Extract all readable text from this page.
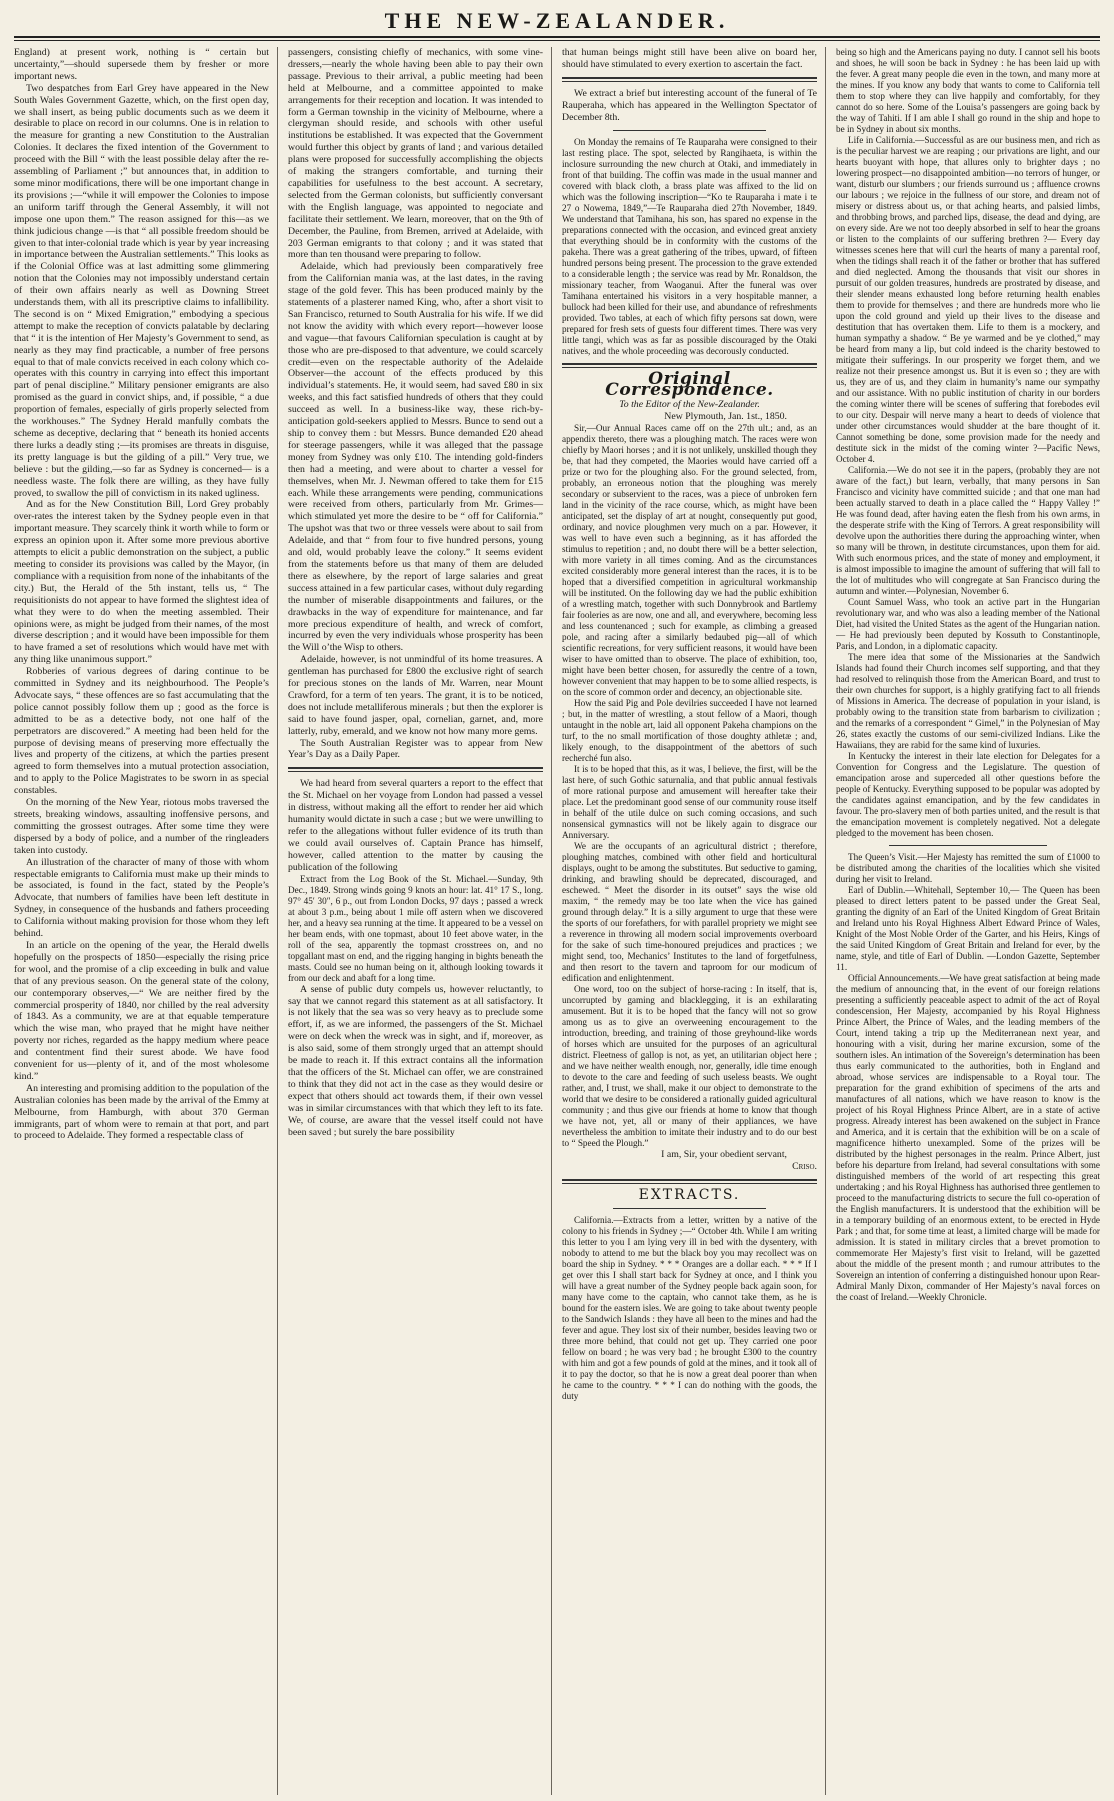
THE NEW-ZEALANDER.

England) at present work, nothing is “ certain but uncertainty,”—should supersede them by fresher or more important news.

Two despatches from Earl Grey have appeared in the New South Wales Government Gazette, which, on the first open day, we shall insert, as being public documents such as we deem it desirable to place on record in our columns. One is in relation to the measure for granting a new Constitution to the Australian Colonies. It declares the fixed intention of the Government to proceed with the Bill “ with the least possible delay after the re-assembling of Parliament ;” but announces that, in addition to some minor modifications, there will be one important change in its provisions ;—“while it will empower the Colonies to impose an uniform tariff through the General Assembly, it will not impose one upon them.” The reason assigned for this—as we think judicious change —is that “ all possible freedom should be given to that inter-colonial trade which is year by year increasing in importance between the Australian settlements.” This looks as if the Colonial Office was at last admitting some glimmering notion that the Colonies may not impossibly understand certain of their own affairs nearly as well as Downing Street understands them, with all its prescriptive claims to infallibility. The second is on “ Mixed Emigration,” embodying a specious attempt to make the reception of convicts palatable by declaring that “ it is the intention of Her Majesty’s Government to send, as nearly as they may find practicable, a number of free persons equal to that of male convicts received in each colony which co-operates with this country in carrying into effect this important part of penal discipline.” Military pensioner emigrants are also promised as the guard in convict ships, and, if possible, “ a due proportion of females, especially of girls properly selected from the workhouses.” The Sydney Herald manfully combats the scheme as deceptive, declaring that “ beneath its honied accents there lurks a deadly sting ;—its promises are threats in disguise, its pretty language is but the gilding of a pill.” Very true, we believe : but the gilding,—so far as Sydney is concerned— is a needless waste. The folk there are willing, as they have fully proved, to swallow the pill of convictism in its naked ugliness.

And as for the New Constitution Bill, Lord Grey probably over-rates the interest taken by the Sydney people even in that important measure. They scarcely think it worth while to form or express an opinion upon it. After some more previous abortive attempts to elicit a public demonstration on the subject, a public meeting to consider its provisions was called by the Mayor, (in compliance with a requisition from none of the inhabitants of the city.) But, the Herald of the 5th instant, tells us, “ The requisitionists do not appear to have formed the slightest idea of what they were to do when the meeting assembled. Their opinions were, as might be judged from their names, of the most diverse description ; and it would have been impossible for them to have framed a set of resolutions which would have met with any thing like unanimous support.”

Robberies of various degrees of daring continue to be committed in Sydney and its neighbourhood. The People’s Advocate says, “ these offences are so fast accumulating that the police cannot possibly follow them up ; good as the force is admitted to be as a detective body, not one half of the perpetrators are discovered.” A meeting had been held for the purpose of devising means of preserving more effectually the lives and property of the citizens, at which the parties present agreed to form themselves into a mutual protection association, and to apply to the Police Magistrates to be sworn in as special constables.

On the morning of the New Year, riotous mobs traversed the streets, breaking windows, assaulting inoffensive persons, and committing the grossest outrages. After some time they were dispersed by a body of police, and a number of the ringleaders taken into custody.

An illustration of the character of many of those with whom respectable emigrants to California must make up their minds to be associated, is found in the fact, stated by the People’s Advocate, that numbers of families have been left destitute in Sydney, in consequence of the husbands and fathers proceeding to California without making provision for those whom they left behind.

In an article on the opening of the year, the Herald dwells hopefully on the prospects of 1850—especially the rising price for wool, and the promise of a clip exceeding in bulk and value that of any previous season. On the general state of the colony, our contemporary observes,—“ We are neither fired by the commercial prosperity of 1840, nor chilled by the real adversity of 1843. As a community, we are at that equable temperature which the wise man, who prayed that he might have neither poverty nor riches, regarded as the happy medium where peace and contentment find their surest abode. We have food convenient for us—plenty of it, and of the most wholesome kind.”

An interesting and promising addition to the population of the Australian colonies has been made by the arrival of the Emmy at Melbourne, from Hamburgh, with about 370 German immigrants, part of whom were to remain at that port, and part to proceed to Adelaide. They formed a respectable class of

passengers, consisting chiefly of mechanics, with some vine-dressers,—nearly the whole having been able to pay their own passage. Previous to their arrival, a public meeting had been held at Melbourne, and a committee appointed to make arrangements for their reception and location. It was intended to form a German township in the vicinity of Melbourne, where a clergyman should reside, and schools with other useful institutions be established. It was expected that the Government would further this object by grants of land ; and various detailed plans were proposed for successfully accomplishing the objects of making the strangers comfortable, and turning their capabilities for usefulness to the best account. A secretary, selected from the German colonists, but sufficiently conversant with the English language, was appointed to negociate and facilitate their settlement. We learn, moreover, that on the 9th of December, the Pauline, from Bremen, arrived at Adelaide, with 203 German emigrants to that colony ; and it was stated that more than ten thousand were preparing to follow.

Adelaide, which had previously been comparatively free from the Californian mania was, at the last dates, in the raving stage of the gold fever. This has been produced mainly by the statements of a plasterer named King, who, after a short visit to San Francisco, returned to South Australia for his wife. If we did not know the avidity with which every report—however loose and vague—that favours Californian speculation is caught at by those who are pre-disposed to that adventure, we could scarcely credit—even on the respectable authority of the Adelaide Observer—the account of the effects produced by this individual’s statements. He, it would seem, had saved £80 in six weeks, and this fact satisfied hundreds of others that they could succeed as well. In a business-like way, these rich-by-anticipation gold-seekers applied to Messrs. Bunce to send out a ship to convey them : but Messrs. Bunce demanded £20 ahead for steerage passengers, while it was alleged that the passage money from Sydney was only £10. The intending gold-finders then had a meeting, and were about to charter a vessel for themselves, when Mr. J. Newman offered to take them for £15 each. While these arrangements were pending, communications were received from others, particularly from Mr. Grimes—which stimulated yet more the desire to be “ off for California.” The upshot was that two or three vessels were about to sail from Adelaide, and that “ from four to five hundred persons, young and old, would probably leave the colony.” It seems evident from the statements before us that many of them are deluded there as elsewhere, by the report of large salaries and great success attained in a few particular cases, without duly regarding the number of miserable disappointments and failures, or the drawbacks in the way of expenditure for maintenance, and far more precious expenditure of health, and wreck of comfort, incurred by even the very individuals whose prosperity has been the Will o’the Wisp to others.

Adelaide, however, is not unmindful of its home treasures. A gentleman has purchased for £800 the exclusive right of search for precious stones on the lands of Mr. Warren, near Mount Crawford, for a term of ten years. The grant, it is to be noticed, does not include metalliferous minerals ; but then the explorer is said to have found jasper, opal, cornelian, garnet, and, more latterly, ruby, emerald, and we know not how many more gems.

The South Australian Register was to appear from New Year’s Day as a Daily Paper.

We had heard from several quarters a report to the effect that the St. Michael on her voyage from London had passed a vessel in distress, without making all the effort to render her aid which humanity would dictate in such a case ; but we were unwilling to refer to the allegations without fuller evidence of its truth than we could avail ourselves of. Captain Prance has himself, however, called attention to the matter by causing the publication of the following

Extract from the Log Book of the St. Michael.—Sunday, 9th Dec., 1849. Strong winds going 9 knots an hour: lat. 41° 17 S., long. 97° 45′ 30″, 6 p., out from London Docks, 97 days ; passed a wreck at about 3 p.m., being about 1 mile off astern when we discovered her, and a heavy sea running at the time. It appeared to be a vessel on her beam ends, with one topmast, about 10 feet above water, in the roll of the sea, apparently the topmast crosstrees on, and no topgallant mast on end, and the rigging hanging in bights beneath the masts. Could see no human being on it, although looking towards it from our deck and abaft for a long time.

A sense of public duty compels us, however reluctantly, to say that we cannot regard this statement as at all satisfactory. It is not likely that the sea was so very heavy as to preclude some effort, if, as we are informed, the passengers of the St. Michael were on deck when the wreck was in sight, and if, moreover, as is also said, some of them strongly urged that an attempt should be made to reach it. If this extract contains all the information that the officers of the St. Michael can offer, we are constrained to think that they did not act in the case as they would desire or expect that others should act towards them, if their own vessel was in similar circumstances with that which they left to its fate. We, of course, are aware that the vessel itself could not have been saved ; but surely the bare possibility

that human beings might still have been alive on board her, should have stimulated to every exertion to ascertain the fact.

We extract a brief but interesting account of the funeral of Te Rauperaha, which has appeared in the Wellington Spectator of December 8th.

On Monday the remains of Te Rauparaha were consigned to their last resting place. The spot, selected by Rangihaeta, is within the inclosure surrounding the new church at Otaki, and immediately in front of that building. The coffin was made in the usual manner and covered with black cloth, a brass plate was affixed to the lid on which was the following inscription—“Ko te Rauparaha i mate i te 27 o Nowema, 1849,”—Te Rauparaha died 27th November, 1849. We understand that Tamihana, his son, has spared no expense in the preparations connected with the occasion, and evinced great anxiety that everything should be in conformity with the customs of the pakeha. There was a great gathering of the tribes, upward, of fifteen hundred persons being present. The procession to the grave extended to a considerable length ; the service was read by Mr. Ronaldson, the missionary teacher, from Waoganui. After the funeral was over Tamihana entertained his visitors in a very hospitable manner, a bullock had been killed for their use, and abundance of refreshments provided. Two tables, at each of which fifty persons sat down, were prepared for fresh sets of guests four different times. There was very little tangi, which was as far as possible discouraged by the Otaki natives, and the whole proceeding was decorously conducted.

Original Correspondence.

To the Editor of the New-Zealander.

New Plymouth, Jan. 1st., 1850.

Sir,—Our Annual Races came off on the 27th ult.; and, as an appendix thereto, there was a ploughing match. The races were won chiefly by Maori horses ; and it is not unlikely, unskilled though they be, that had they competed, the Maories would have carried off a prize or two for the ploughing also. For the ground selected, from, probably, an erroneous notion that the ploughing was merely secondary or subservient to the races, was a piece of unbroken fern land in the vicinity of the race course, which, as might have been anticipated, set the display of art at nought, consequently put good, ordinary, and novice ploughmen very much on a par. However, it was well to have even such a beginning, as it has afforded the stimulus to repetition ; and, no doubt there will be a better selection, with more variety in all times coming. And as the circumstances excited considerably more general interest than the races, it is to be hoped that a diversified competition in agricultural workmanship will be instituted. On the following day we had the public exhibition of a wrestling match, together with such Donnybrook and Bartlemy fair fooleries as are now, one and all, and everywhere, becoming less and less countenanced ; such for example, as climbing a greased pole, and racing after a similarly bedaubed pig—all of which scientific recreations, for very sufficient reasons, it would have been wiser to have omitted than to observe. The place of exhibition, too, might have been better chosen, for assuredly the centre of a town, however convenient that may happen to be to some allied respects, is on the score of common order and decency, an objectionable site.

How the said Pig and Pole devilries succeeded I have not learned ; but, in the matter of wrestling, a stout fellow of a Maori, though untaught in the noble art, laid all opponent Pakeha champions on the turf, to the no small mortification of those doughty athletæ ; and, likely enough, to the disappointment of the abettors of such recherché fun also.

It is to be hoped that this, as it was, I believe, the first, will be the last here, of such Gothic saturnalia, and that public annual festivals of more rational purpose and amusement will hereafter take their place. Let the predominant good sense of our community rouse itself in behalf of the utile dulce on such coming occasions, and such nonsensical gymnastics will not be likely again to disgrace our Anniversary.

We are the occupants of an agricultural district ; therefore, ploughing matches, combined with other field and horticultural displays, ought to be among the substitutes. But seductive to gaming, drinking, and brawling should be deprecated, discouraged, and eschewed. “ Meet the disorder in its outset” says the wise old maxim, “ the remedy may be too late when the vice has gained ground through delay.” It is a silly argument to urge that these were the sports of our forefathers, for with parallel propriety we might see a reverence in throwing all modern social improvements overboard for the sake of such time-honoured prejudices and practices ; we might send, too, Mechanics’ Institutes to the land of forgetfulness, and then resort to the tavern and taproom for our modicum of edification and enlightenment.

One word, too on the subject of horse-racing : In itself, that is, uncorrupted by gaming and blacklegging, it is an exhilarating amusement. But it is to be hoped that the fancy will not so grow among us as to give an overweening encouragement to the introduction, breeding, and training of those greyhound-like words of horses which are unsuited for the purposes of an agricultural district. Fleetness of gallop is not, as yet, an utilitarian object here ; and we have neither wealth enough, nor, generally, idle time enough to devote to the care and feeding of such useless beasts. We ought rather, and, I trust, we shall, make it our object to demonstrate to the world that we desire to be considered a rationally guided agricultural community ; and thus give our friends at home to know that though we have not, yet, all or many of their appliances, we have nevertheless the ambition to imitate their industry and to do our best to “ Speed the Plough.”

I am, Sir, your obedient servant,

Criso.

EXTRACTS.

California.—Extracts from a letter, written by a native of the colony to his friends in Sydney ;—“ October 4th. While I am writing this letter to you I am lying very ill in bed with the dysentery, with nobody to attend to me but the black boy you may recollect was on board the ship in Sydney. * * * Oranges are a dollar each. * * * If I get over this I shall start back for Sydney at once, and I think you will have a great number of the Sydney people back again soon, for many have come to the captain, who cannot take them, as he is bound for the eastern isles. We are going to take about twenty people to the Sandwich Islands : they have all been to the mines and had the fever and ague. They lost six of their number, besides leaving two or three more behind, that could not get up. They carried one poor fellow on board ; he was very bad ; he brought £300 to the country with him and got a few pounds of gold at the mines, and it took all of it to pay the doctor, so that he is now a great deal poorer than when he came to the country. * * * I can do nothing with the goods, the duty

being so high and the Americans paying no duty. I cannot sell his boots and shoes, he will soon be back in Sydney : he has been laid up with the fever. A great many people die even in the town, and many more at the mines. If you know any body that wants to come to California tell them to stop where they can live happily and comfortably, for they cannot do so here. Some of the Louisa’s passengers are going back by the way of Tahiti. If I am able I shall go round in the ship and hope to be in Sydney in about six months.

Life in California.—Successful as are our business men, and rich as is the peculiar harvest we are reaping ; our privations are light, and our hearts buoyant with hope, that allures only to brighter days ; no lowering prospect—no disappointed ambition—no terrors of hunger, or want, disturb our slumbers ; our friends surround us ; affluence crowns our labours ; we rejoice in the fullness of our store, and dream not of misery or distress about us, or that aching hearts, and palsied limbs, and throbbing brows, and parched lips, disease, the dead and dying, are on every side. Are we not too deeply absorbed in self to hear the groans or listen to the complaints of our suffering brethren ?— Every day witnesses scenes here that will curl the hearts of many a parental roof, when the tidings shall reach it of the father or brother that has suffered and died neglected. Among the thousands that visit our shores in pursuit of our golden treasures, hundreds are prostrated by disease, and their slender means exhausted long before returning health enables them to provide for themselves ; and there are hundreds more who lie upon the cold ground and yield up their lives to the disease and destitution that has overtaken them. Life to them is a mockery, and human sympathy a shadow. “ Be ye warmed and be ye clothed,” may be heard from many a lip, but cold indeed is the charity bestowed to mitigate their sufferings. In our prosperity we forget them, and we realize not their presence amongst us. But it is even so ; they are with us, they are of us, and they claim in humanity’s name our sympathy and our assistance. With no public institution of charity in our borders the coming winter there will be scenes of suffering that forebodes evil to our city. Despair will nerve many a heart to deeds of violence that under other circumstances would shudder at the bare thought of it. Cannot something be done, some provision made for the needy and destitute sick in the midst of the coming winter ?—Pacific News, October 4.

California.—We do not see it in the papers, (probably they are not aware of the fact,) but learn, verbally, that many persons in San Francisco and vicinity have committed suicide ; and that one man had been actually starved to death in a place called the “ Happy Valley !” He was found dead, after having eaten the flesh from his own arms, in the desperate strife with the King of Terrors. A great responsibility will devolve upon the authorities there during the approaching winter, when so many will be thrown, in destitute circumstances, upon them for aid. With such enormous prices, and the state of money and employment, it is almost impossible to imagine the amount of suffering that will fall to the lot of multitudes who will congregate at San Francisco during the autumn and winter.—Polynesian, November 6.

Count Samuel Wass, who took an active part in the Hungarian revolutionary war, and who was also a leading member of the National Diet, had visited the United States as the agent of the Hungarian nation.— He had previously been deputed by Kossuth to Constantinople, Paris, and London, in a diplomatic capacity.

The mere idea that some of the Missionaries at the Sandwich Islands had found their Church incomes self supporting, and that they had resolved to relinquish those from the American Board, and trust to their own churches for support, is a highly gratifying fact to all friends of Missions in America. The decrease of population in your island, is probably owing to the transition state from barbarism to civilization ; and the remarks of a correspondent “ Gimel,” in the Polynesian of May 26, states exactly the customs of our semi-civilized Indians. Like the Hawaiians, they are rabid for the same kind of luxuries.

In Kentucky the interest in their late election for Delegates for a Convention for Congress and the Legislature. The question of emancipation arose and superceded all other questions before the people of Kentucky. Everything supposed to be popular was adopted by the candidates against emancipation, and by the few candidates in favour. The pro-slavery men of both parties united, and the result is that the emancipation movement is completely negatived. Not a delegate pledged to the movement has been chosen.

The Queen’s Visit.—Her Majesty has remitted the sum of £1000 to be distributed among the charities of the localities which she visited during her visit to Ireland.

Earl of Dublin.—Whitehall, September 10,— The Queen has been pleased to direct letters patent to be passed under the Great Seal, granting the dignity of an Earl of the United Kingdom of Great Britain and Ireland unto his Royal Highness Albert Edward Prince of Wales, Knight of the Most Noble Order of the Garter, and his Heirs, Kings of the said United Kingdom of Great Britain and Ireland for ever, by the name, style, and title of Earl of Dublin. —London Gazette, September 11.

Official Announcements.—We have great satisfaction at being made the medium of announcing that, in the event of our foreign relations presenting a sufficiently peaceable aspect to admit of the act of Royal condescension, Her Majesty, accompanied by his Royal Highness Prince Albert, the Prince of Wales, and the leading members of the Court, intend taking a trip up the Mediterranean next year, and honouring with a visit, during her marine excursion, some of the southern isles. An intimation of the Sovereign’s determination has been thus early communicated to the authorities, both in England and abroad, whose services are indispensable to a Royal tour. The preparation for the grand exhibition of specimens of the arts and manufactures of all nations, which we have reason to know is the project of his Royal Highness Prince Albert, are in a state of active progress. Already interest has been awakened on the subject in France and America, and it is certain that the exhibition will be on a scale of magnificence hitherto unexampled. Some of the prizes will be distributed by the highest personages in the realm. Prince Albert, just before his departure from Ireland, had several consultations with some distinguished members of the world of art respecting this great undertaking ; and his Royal Highness has authorised three gentlemen to proceed to the manufacturing districts to secure the full co-operation of the English manufacturers. It is understood that the exhibition will be in a temporary building of an enormous extent, to be erected in Hyde Park ; and that, for some time at least, a limited charge will be made for admission. It is stated in military circles that a brevet promotion to commemorate Her Majesty’s first visit to Ireland, will be gazetted about the middle of the present month ; and rumour attributes to the Sovereign an intention of conferring a distinguished honour upon Rear-Admiral Manly Dixon, commander of Her Majesty’s naval forces on the coast of Ireland.—Weekly Chronicle.
